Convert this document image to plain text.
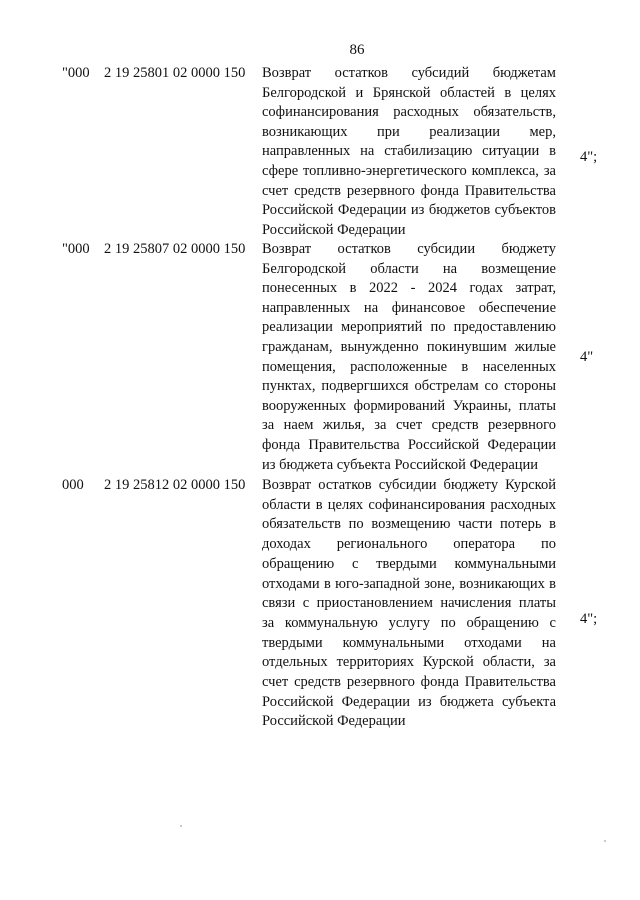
86
"000 2 19 25801 02 0000 150 Возврат остатков субсидий бюджетам Белгородской и Брянской областей в целях софинансирования расходных обязательств, возникающих при реализации мер, направленных на стабилизацию ситуации в сфере топливно-энергетического комплекса, за счет средств резервного фонда Правительства Российской Федерации из бюджетов субъектов Российской Федерации
4";
"000 2 19 25807 02 0000 150 Возврат остатков субсидии бюджету Белгородской области на возмещение понесенных в 2022 - 2024 годах затрат, направленных на финансовое обеспечение реализации мероприятий по предоставлению гражданам, вынужденно покинувшим жилые помещения, расположенные в населенных пунктах, подвергшихся обстрелам со стороны вооруженных формирований Украины, платы за наем жилья, за счет средств резервного фонда Правительства Российской Федерации из бюджета субъекта Российской Федерации
4"
000 2 19 25812 02 0000 150 Возврат остатков субсидии бюджету Курской области в целях софинансирования расходных обязательств по возмещению части потерь в доходах регионального оператора по обращению с твердыми коммунальными отходами в юго-западной зоне, возникающих в связи с приостановлением начисления платы за коммунальную услугу по обращению с твердыми коммунальными отходами на отдельных территориях Курской области, за счет средств резервного фонда Правительства Российской Федерации из бюджета субъекта Российской Федерации
4";
